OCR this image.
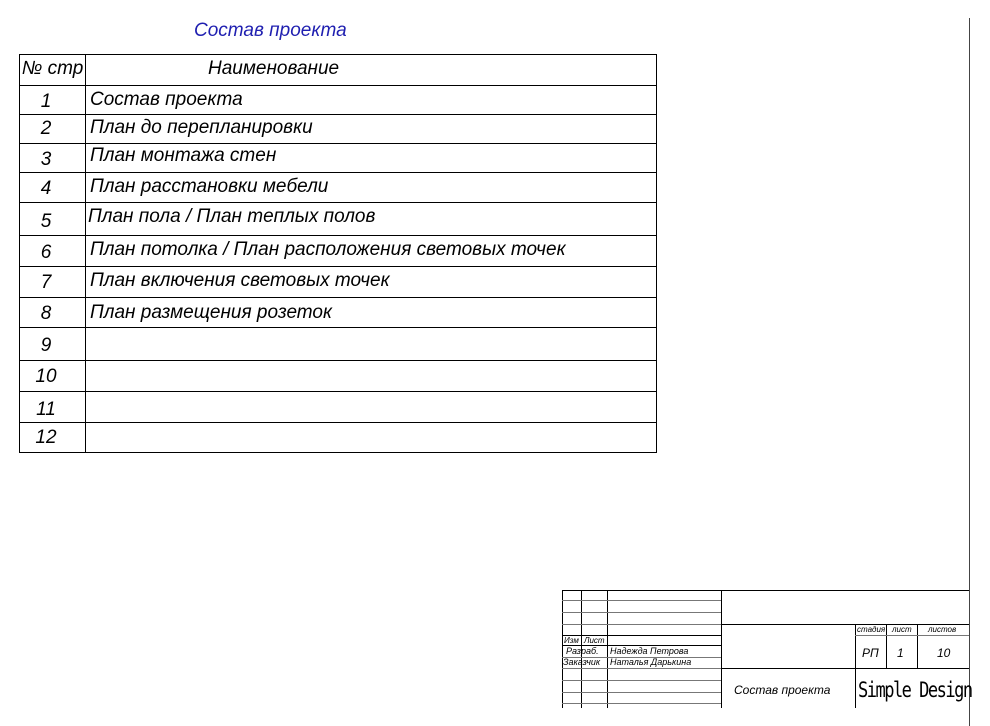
Состав проекта
№ стр	Наименование
1	Состав проекта
2	План до перепланировки
3	План монтажа стен
4	План расстановки мебели
5	План пола / План теплых полов
6	План потолка / План расположения световых точек
7	План включения световых точек
8	План размещения розеток
9
10
11
12
Изм Лист
Разраб. Надежда Петрова
Заказчик Наталья Дарькина
стадия лист листов
РП 1	10
Состав проекта Simple Design
